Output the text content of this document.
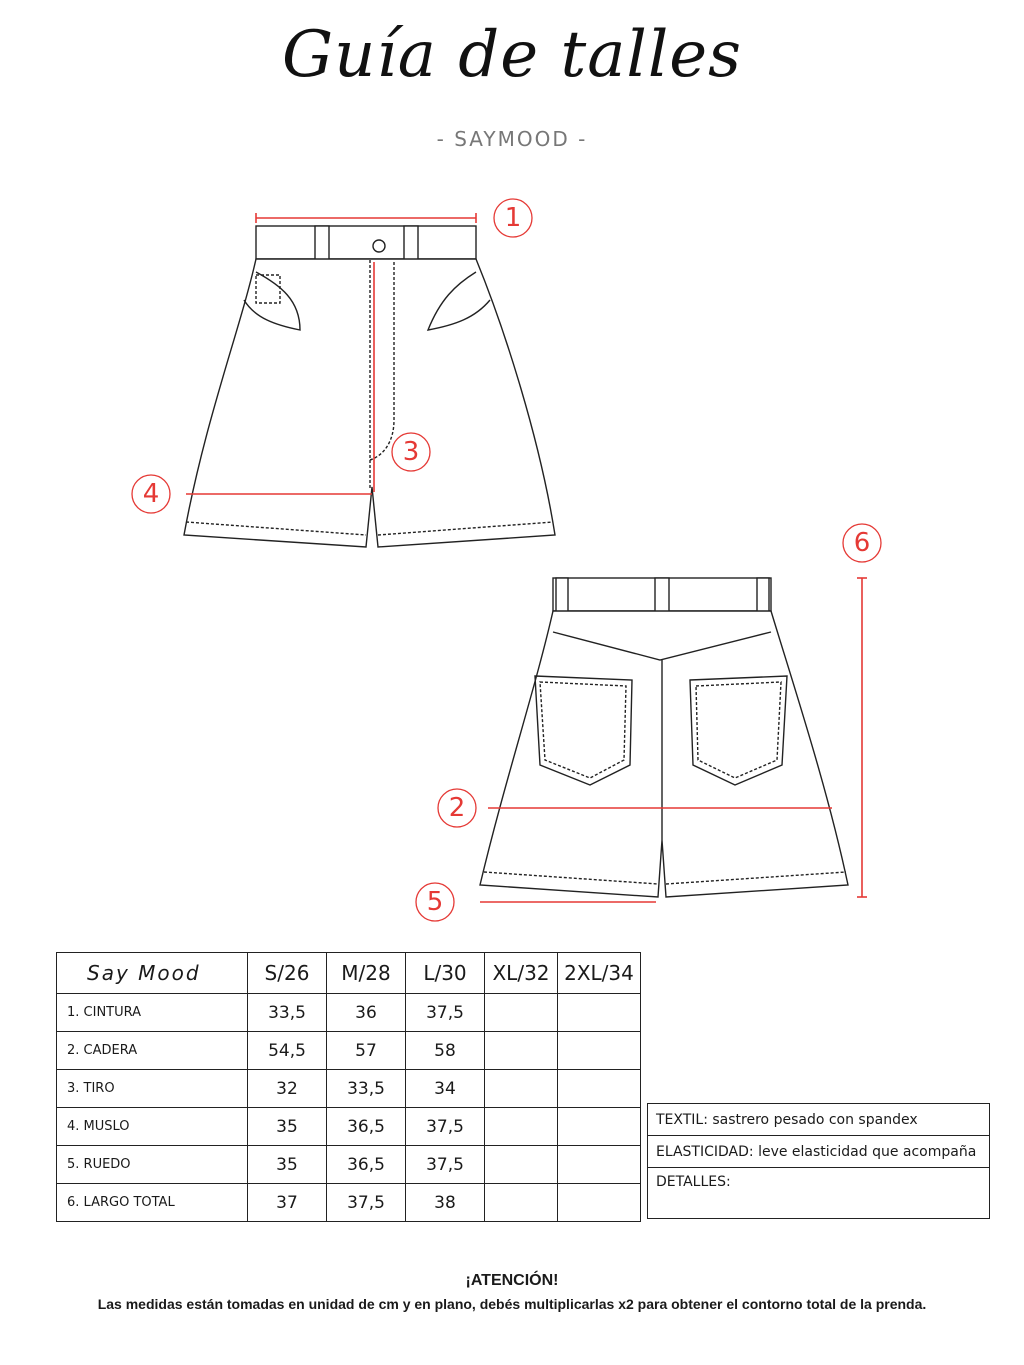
Guía de talles
- SAYMOOD -
1
2
3
4
5
6
Say Mood	S/26	M/28	L/30	XL/32	2XL/34
1. CINTURA	33,5	36	37,5		
2. CADERA	54,5	57	58		
3. TIRO	32	33,5	34		
4. MUSLO	35	36,5	37,5		
5. RUEDO	35	36,5	37,5		
6. LARGO TOTAL	37	37,5	38		
TEXTIL: sastrero pesado con spandex
ELASTICIDAD: leve elasticidad que acompaña
DETALLES:
¡ATENCIÓN!
Las medidas están tomadas en unidad de cm y en plano, debés multiplicarlas x2 para obtener el contorno total de la prenda.
